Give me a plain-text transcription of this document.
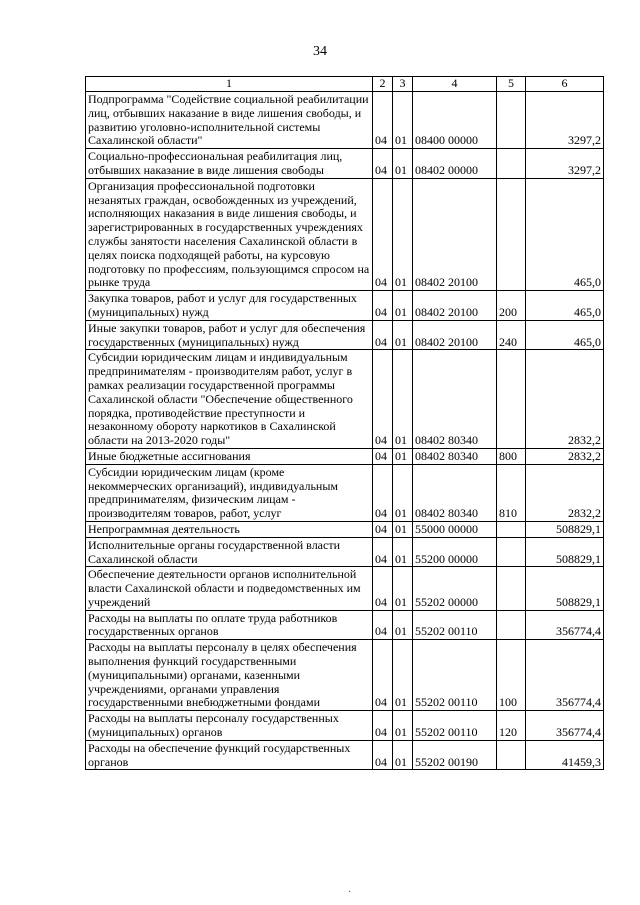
34
1	2	3	4	5	6
Подпрограмма "Содействие социальной реабилитации лиц, отбывших наказание в виде лишения свободы, и развитию уголовно-исполнительной системы Сахалинской области"	04	01	08400 00000		3297,2
Социально-профессиональная реабилитация лиц, отбывших наказание в виде лишения свободы	04	01	08402 00000		3297,2
Организация профессиональной подготовки незанятых граждан, освобожденных из учреждений, исполняющих наказания в виде лишения свободы, и зарегистрированных в государственных учреждениях службы занятости населения Сахалинской области в целях поиска подходящей работы, на курсовую подготовку по профессиям, пользующимся спросом на рынке труда	04	01	08402 20100		465,0
Закупка товаров, работ и услуг для государственных (муниципальных) нужд	04	01	08402 20100	200	465,0
Иные закупки товаров, работ и услуг для обеспечения государственных (муниципальных) нужд	04	01	08402 20100	240	465,0
Субсидии юридическим лицам и индивидуальным предпринимателям - производителям работ, услуг в рамках реализации государственной программы Сахалинской области "Обеспечение общественного порядка, противодействие преступности и незаконному обороту наркотиков в Сахалинской области на 2013-2020 годы"	04	01	08402 80340		2832,2
Иные бюджетные ассигнования	04	01	08402 80340	800	2832,2
Субсидии юридическим лицам (кроме некоммерческих организаций), индивидуальным предпринимателям, физическим лицам - производителям товаров, работ, услуг	04	01	08402 80340	810	2832,2
Непрограммная деятельность	04	01	55000 00000		508829,1
Исполнительные органы государственной власти Сахалинской области	04	01	55200 00000		508829,1
Обеспечение деятельности органов исполнительной власти Сахалинской области и подведомственных им учреждений	04	01	55202 00000		508829,1
Расходы на выплаты по оплате труда работников государственных органов	04	01	55202 00110		356774,4
Расходы на выплаты персоналу в целях обеспечения выполнения функций государственными (муниципальными) органами, казенными учреждениями, органами управления государственными внебюджетными фондами	04	01	55202 00110	100	356774,4
Расходы на выплаты персоналу государственных (муниципальных) органов	04	01	55202 00110	120	356774,4
Расходы на обеспечение функций государственных органов	04	01	55202 00190		41459,3
·
